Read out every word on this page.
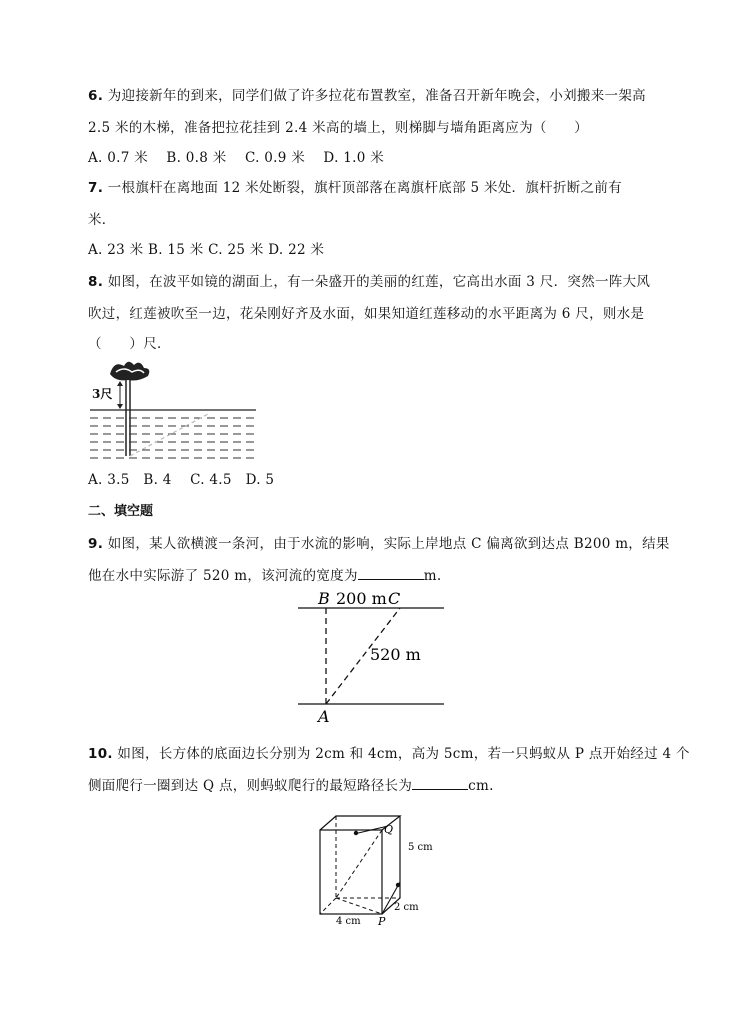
6. 为迎接新年的到来，同学们做了许多拉花布置教室，准备召开新年晚会，小刘搬来一架高
2.5 米的木梯，准备把拉花挂到 2.4 米高的墙上，则梯脚与墙角距离应为（　　）
A. 0.7 米　 B. 0.8 米　 C. 0.9 米　 D. 1.0 米
7. 一根旗杆在离地面 12 米处断裂，旗杆顶部落在离旗杆底部 5 米处．旗杆折断之前有
米．
A. 23 米 B. 15 米 C. 25 米 D. 22 米
8. 如图，在波平如镜的湖面上，有一朵盛开的美丽的红莲，它高出水面 3 尺．突然一阵大风
吹过，红莲被吹至一边，花朵刚好齐及水面，如果知道红莲移动的水平距离为 6 尺，则水是
（　　）尺．
3尺
A. 3.5　B. 4　 C. 4.5　D. 5
二、填空题
9. 如图，某人欲横渡一条河，由于水流的影响，实际上岸地点 C 偏离欲到达点 B200 m，结果
他在水中实际游了 520 m，该河流的宽度为	m.
B 200 m C
520 m
A
10. 如图，长方体的底面边长分别为 2cm 和 4cm，高为 5cm，若一只蚂蚁从 P 点开始经过 4 个
侧面爬行一圈到达 Q 点，则蚂蚁爬行的最短路径长为	cm.
Q
5 cm
2 cm
4 cm P
